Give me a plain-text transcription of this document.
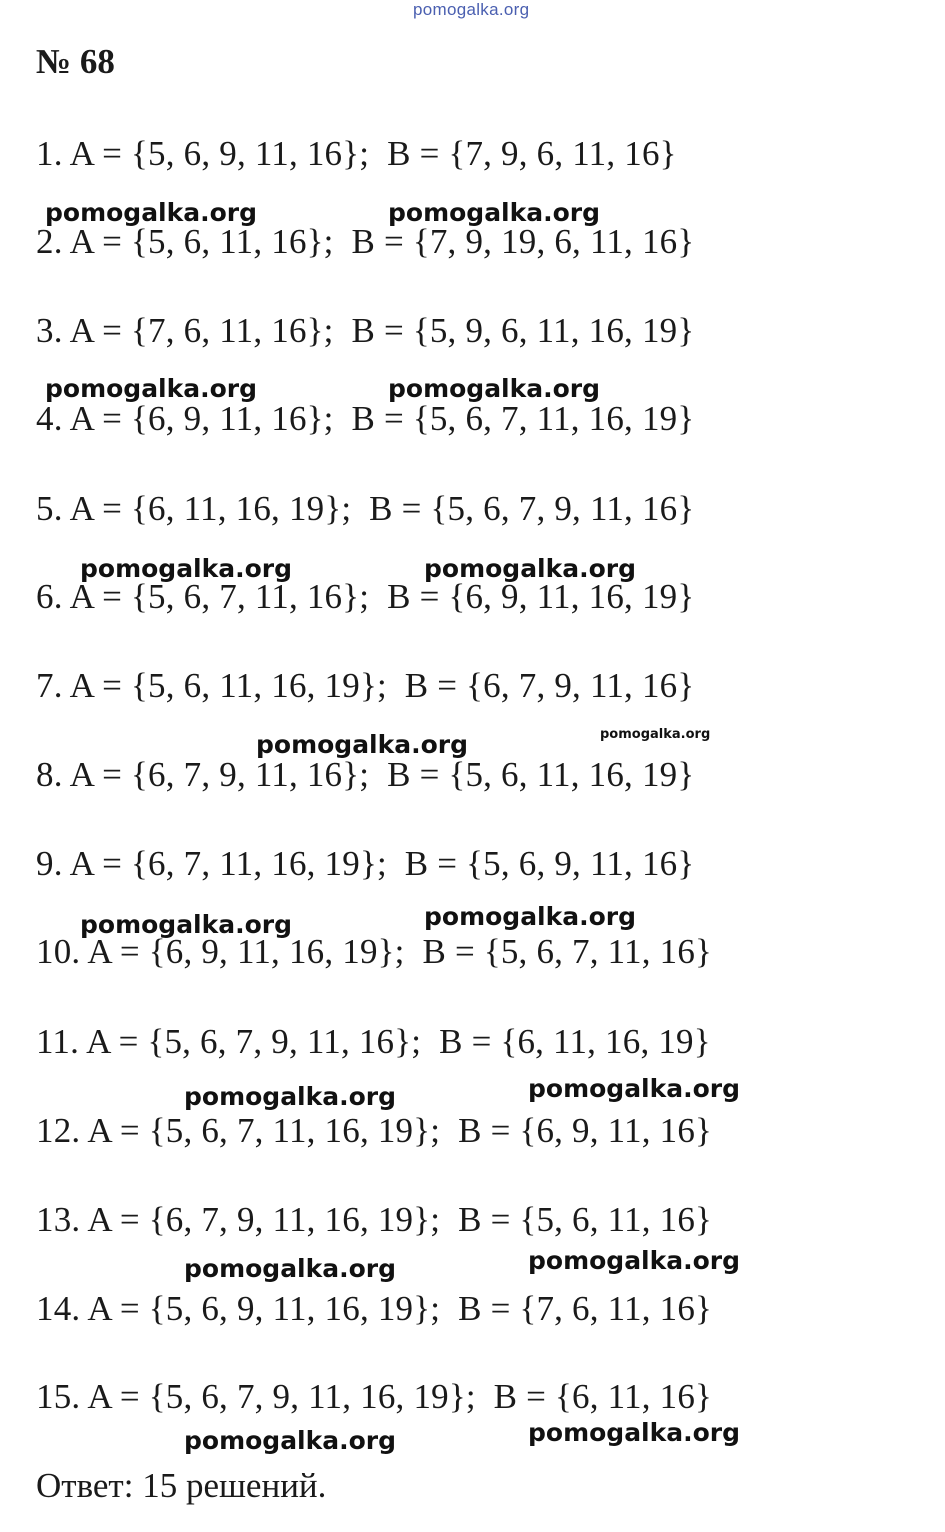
pomogalka.org
№ 68
1. A = {5, 6, 9, 11, 16};  B = {7, 9, 6, 11, 16}
2. A = {5, 6, 11, 16};  B = {7, 9, 19, 6, 11, 16}
3. A = {7, 6, 11, 16};  B = {5, 9, 6, 11, 16, 19}
4. A = {6, 9, 11, 16};  B = {5, 6, 7, 11, 16, 19}
5. A = {6, 11, 16, 19};  B = {5, 6, 7, 9, 11, 16}
6. A = {5, 6, 7, 11, 16};  B = {6, 9, 11, 16, 19}
7. A = {5, 6, 11, 16, 19};  B = {6, 7, 9, 11, 16}
8. A = {6, 7, 9, 11, 16};  B = {5, 6, 11, 16, 19}
9. A = {6, 7, 11, 16, 19};  B = {5, 6, 9, 11, 16}
10. A = {6, 9, 11, 16, 19};  B = {5, 6, 7, 11, 16}
11. A = {5, 6, 7, 9, 11, 16};  B = {6, 11, 16, 19}
12. A = {5, 6, 7, 11, 16, 19};  B = {6, 9, 11, 16}
13. A = {6, 7, 9, 11, 16, 19};  B = {5, 6, 11, 16}
14. A = {5, 6, 9, 11, 16, 19};  B = {7, 6, 11, 16}
15. A = {5, 6, 7, 9, 11, 16, 19};  B = {6, 11, 16}
Ответ: 15 решений.
pomogalka.org	pomogalka.org
pomogalka.org	pomogalka.org
pomogalka.org	pomogalka.org
pomogalka.org
pomogalka.org
pomogalka.org
pomogalka.org
pomogalka.org
pomogalka.org
pomogalka.org
pomogalka.org
pomogalka.org
pomogalka.org
